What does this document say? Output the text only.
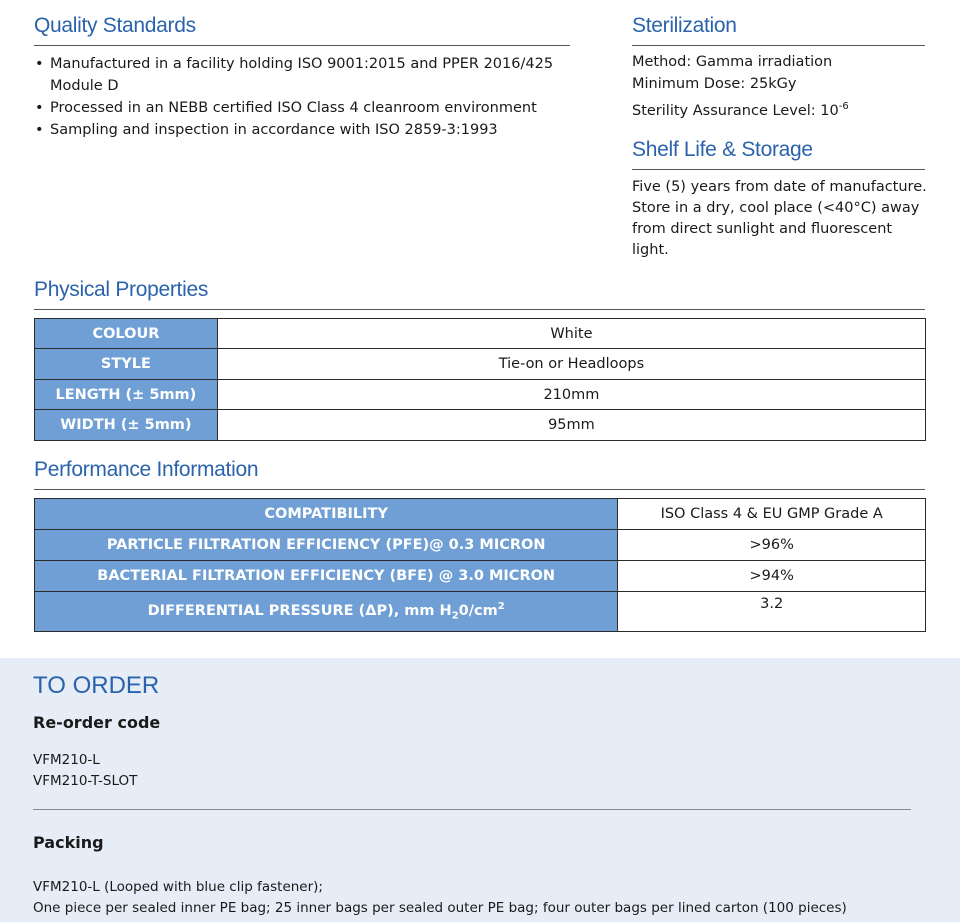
Quality Standards
• Manufactured in a facility holding ISO 9001:2015 and PPER 2016/425 Module D
• Processed in an NEBB certified ISO Class 4 cleanroom environment
• Sampling and inspection in accordance with ISO 2859-3:1993
Sterilization
Method: Gamma irradiation
Minimum Dose: 25kGy
Sterility Assurance Level: $10^{-6}$
Shelf Life & Storage
Five (5) years from date of manufacture. Store in a dry, cool place (<40°C) away from direct sunlight and fluorescent light.
Physical Properties
COLOUR	White
STYLE	Tie-on or Headloops
LENGTH (± 5mm)	210mm
WIDTH (± 5mm)	95mm
Performance Information
COMPATIBILITY	ISO Class 4 & EU GMP Grade A
PARTICLE FILTRATION EFFICIENCY (PFE)@ 0.3 MICRON	>96%
BACTERIAL FILTRATION EFFICIENCY (BFE) @ 3.0 MICRON	>94%
DIFFERENTIAL PRESSURE (ΔP), mm $H_20/cm^2$	3.2
TO ORDER
Re-order code
VFM210-L
VFM210-T-SLOT
Packing
VFM210-L (Looped with blue clip fastener);
One piece per sealed inner PE bag; 25 inner bags per sealed outer PE bag; four outer bags per lined carton (100 pieces)
